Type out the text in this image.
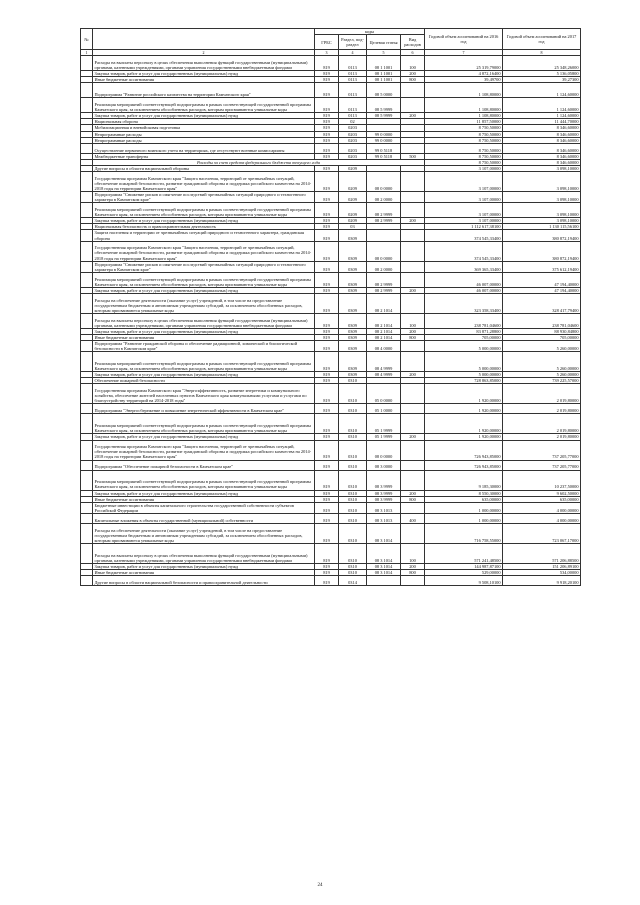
№		коды				Годовой объем ассигнований на 2016 год	Годовой объем ассигнований на 2017 год
		ГРБС	Раздел, под-раздел	Целевая статья	Вид расходов		
1	2	3	4	5	6	7	8
	Расходы на выплаты персоналу в целях обеспечения выполнения функций государственными (муниципальными) органами, казенными учреждениями, органами управления государственными внебюджетными фондами	819	0113	08 1 1001	100	25 319,79000	25 348,26000
	Закупка товаров, работ и услуг для государственных (муниципальных) нужд	819	0113	08 1 1001	200	4 872,16400	5 136,05800
	Иные бюджетные ассигнования	819	0113	08 1 1001	800	39,49700	39,27300
	Подпрограмма "Развитие российского казачества на территории Камчатского края"	819	0113	08 5 0000		1 108,80000	1 124,60000
	Реализация мероприятий соответствующей подпрограммы в рамках соответствующей государственной программы Камчатского края, за исключением обособленных расходов, которым присваиваются уникальные коды	819	0113	08 5 9999		1 108,80000	1 124,60000
	Закупка товаров, работ и услуг для государственных (муниципальных) нужд	819	0113	08 5 9999	200	1 108,80000	1 124,60000
	Национальная оборона	819	02			11 857,50000	11 444,70000
	Мобилизационная и вневойсковая подготовка	819	0203			8 750,50000	8 346,60000
	Непрограммные расходы	819	0203	99 0 0000		8 750,50000	8 346,60000
	Непрограммные расходы	819	0203	99 0 0000		8 750,50000	8 346,60000
	Осуществление первичного воинского учета на территориях, где отсутствуют военные комиссариаты	819	0203	99 0 5118		8 750,50000	8 346,60000
	Межбюджетные трансферты	819	0203	99 0 5118	500	8 750,50000	8 346,60000
	Расходы за счет средств федерального бюджета текущего года					8 750,50000	8 346,60000
	Другие вопросы в области национальной обороны	819	0209			3 107,00000	3 098,10000
	Государственная программа Камчатского края "Защита населения, территорий от чрезвычайных ситуаций, обеспечение пожарной безопасности, развитие гражданской обороны и поддержка российского казачества на 2014-2018 годы на территории Камчатского края"	819	0209	08 0 0000		3 107,00000	3 098,10000
	Подпрограмма "Снижение рисков и смягчение последствий чрезвычайных ситуаций природного и техногенного характера в Камчатском крае"	819	0209	08 2 0000		3 107,00000	3 098,10000
	Реализация мероприятий соответствующей подпрограммы в рамках соответствующей государственной программы Камчатского края, за исключением обособленных расходов, которым присваиваются уникальные коды	819	0209	08 2 9999		3 107,00000	3 098,10000
	Закупка товаров, работ и услуг для государственных (муниципальных) нужд	819	0209	08 2 9999	200	3 107,00000	3 098,10000
	Национальная безопасность и правоохранительная деятельность	819	03			1 112 617,38100	1 130 115,56100
	Защита населения и территории от чрезвычайных ситуаций природного и техногенного характера, гражданская оборона	819	0309			374 545,33400	380 872,19400
	Государственная программа Камчатского края "Защита населения, территорий от чрезвычайных ситуаций, обеспечение пожарной безопасности, развитие гражданской обороны и поддержка российского казачества на 2014-2018 годы на территории Камчатского края"	819	0309	08 0 0000		374 545,33400	380 872,19400
	Подпрограмма "Снижение рисков и смягчение последствий чрезвычайных ситуаций природного и техногенного характера в Камчатском крае"	819	0309	08 2 0000		369 365,33400	375 612,19400
	Реализация мероприятий соответствующей подпрограммы в рамках соответствующей государственной программы Камчатского края, за исключением обособленных расходов, которым присваиваются уникальные коды	819	0309	08 2 9999		46 007,00000	47 194,40000
	Закупка товаров, работ и услуг для государственных (муниципальных) нужд	819	0309	08 2 9999	200	46 007,00000	47 194,40000
	Расходы на обеспечение деятельности (оказание услуг) учреждений, в том числе на предоставление государственным бюджетным и автономным учреждениям субсидий, за исключением обособленных расходов, которым присваиваются уникальные коды	819	0309	08 2 1014		323 358,33400	328 417,79400
	Расходы на выплаты персоналу в целях обеспечения выполнения функций государственными (муниципальными) органами, казенными учреждениями, органами управления государственными внебюджетными фондами	819	0309	08 2 1014	100	238 781,04600	238 781,04600
	Закупка товаров, работ и услуг для государственных (муниципальных) нужд	819	0309	08 2 1014	200	83 871,28800	88 930,84800
	Иные бюджетные ассигнования	819	0309	08 2 1014	800	705,00000	705,00000
	Подпрограмма "Развитие гражданской обороны и обеспечение радиационной, химической и биологической безопасности в Камчатском крае"	819	0309	08 4 0000		5 000,00000	5 260,00000
	Реализация мероприятий соответствующей подпрограммы в рамках соответствующей государственной программы Камчатского края, за исключением обособленных расходов, которым присваиваются уникальные коды	819	0309	08 4 9999		5 000,00000	5 260,00000
	Закупка товаров, работ и услуг для государственных (муниципальных) нужд	819	0309	08 4 9999	200	5 000,00000	5 260,00000
	Обеспечение пожарной безопасности	819	0310			728 863,85000	739 225,57000
	Государственная программа Камчатского края "Энергоэффективность, развитие энергетики и коммунального хозяйства, обеспечение жителей населенных пунктов Камчатского края коммунальными услугами и услугами по благоустройству территорий на 2014-2018 годы"	819	0310	05 0 0000		1 920,00000	2 019,80000
	Подпрограмма "Энергосбережение и повышение энергетической эффективности в Камчатском крае"	819	0310	05 1 0000		1 920,00000	2 019,80000
	Реализация мероприятий соответствующей подпрограммы в рамках соответствующей государственной программы Камчатского края, за исключением обособленных расходов, которым присваиваются уникальные коды	819	0310	05 1 9999		1 920,00000	2 019,80000
	Закупка товаров, работ и услуг для государственных (муниципальных) нужд	819	0310	05 1 9999	200	1 920,00000	2 019,80000
	Государственная программа Камчатского края "Защита населения, территорий от чрезвычайных ситуаций, обеспечение пожарной безопасности, развитие гражданской обороны и поддержка российского казачества на 2014-2018 годы на территории Камчатского края"	819	0310	08 0 0000		726 943,85000	737 205,77000
	Подпрограмма "Обеспечение пожарной безопасности в Камчатском крае"	819	0310	08 3 0000		726 943,85000	737 205,77000
	Реализация мероприятий соответствующей подпрограммы в рамках соответствующей государственной программы Камчатского края, за исключением обособленных расходов, которым присваиваются уникальные коды	819	0310	08 3 9999		9 185,30000	10 237,50000
	Закупка товаров, работ и услуг для государственных (муниципальных) нужд	819	0310	08 3 9999	200	8 550,30000	9 602,50000
	Иные бюджетные ассигнования	819	0310	08 3 9999	800	635,00000	635,00000
	Бюджетные инвестиции в объекты капитального строительства государственной собственности субъектов Российской Федерации	819	0310	08 3 1013		1 000,00000	4 000,00000
	Капитальные вложения в объекты государственной (муниципальной) собственности	819	0310	08 3 1013	400	1 000,00000	4 000,00000
	Расходы на обеспечение деятельности (оказание услуг) учреждений, в том числе на предоставление государственным бюджетным и автономным учреждениям субсидий, за исключением обособленных расходов, которым присваиваются уникальные коды	819	0310	08 3 1014		716 758,55000	723 067,17000
	Расходы на выплаты персоналу в целях обеспечения выполнения функций государственными (муниципальными) органами, казенными учреждениями, органами управления государственными внебюджетными фондами	819	0310	08 3 1014	100	571 241,48500	571 206,88500
	Закупка товаров, работ и услуг для государственных (муниципальных) нужд	819	0310	08 3 1014	200	144 987,87100	151 206,89100
	Иные бюджетные ассигнования	819	0310	08 3 1014	800	529,00000	534,00000
	Другие вопросы в области национальной безопасности и правоохранительной деятельности	819	0314			9 508,10100	9 918,20100
24
